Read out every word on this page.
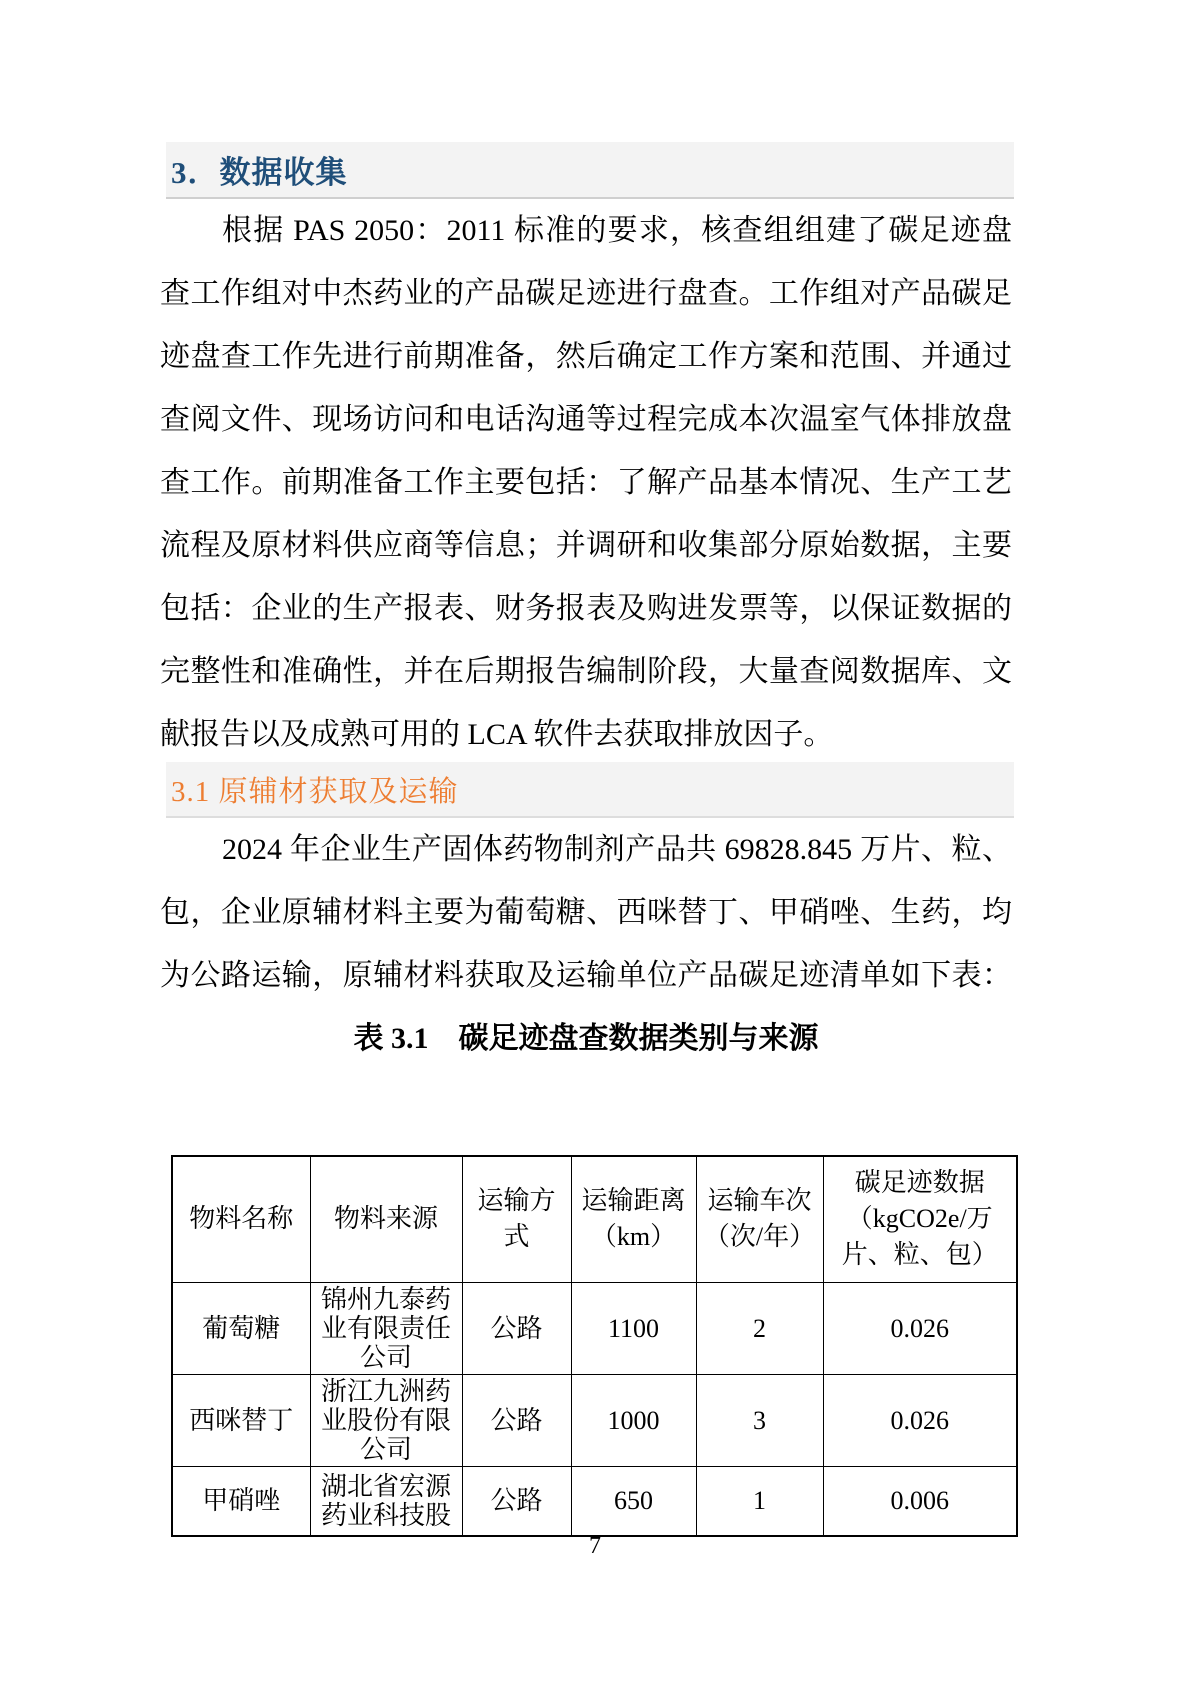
3．数据收集
根据 PAS 2050：2011 标准的要求，核查组组建了碳足迹盘
查工作组对中杰药业的产品碳足迹进行盘查。工作组对产品碳足
迹盘查工作先进行前期准备，然后确定工作方案和范围、并通过
查阅文件、现场访问和电话沟通等过程完成本次温室气体排放盘
查工作。前期准备工作主要包括：了解产品基本情况、生产工艺
流程及原材料供应商等信息；并调研和收集部分原始数据，主要
包括：企业的生产报表、财务报表及购进发票等，以保证数据的
完整性和准确性，并在后期报告编制阶段，大量查阅数据库、文
献报告以及成熟可用的 LCA 软件去获取排放因子。
3.1 原辅材获取及运输
2024 年企业生产固体药物制剂产品共 69828.845 万片、粒、
包，企业原辅材料主要为葡萄糖、西咪替丁、甲硝唑、生药，均
为公路运输，原辅材料获取及运输单位产品碳足迹清单如下表：
表 3.1　碳足迹盘查数据类别与来源
物料名称	物料来源	运输方式	运输距离（km）	运输车次（次/年）	碳足迹数据（kgCO2e/万片、粒、包）
葡萄糖	锦州九泰药业有限责任公司	公路	1100	2	0.026
西咪替丁	浙江九洲药业股份有限公司	公路	1000	3	0.026
甲硝唑	湖北省宏源药业科技股	公路	650	1	0.006
7
